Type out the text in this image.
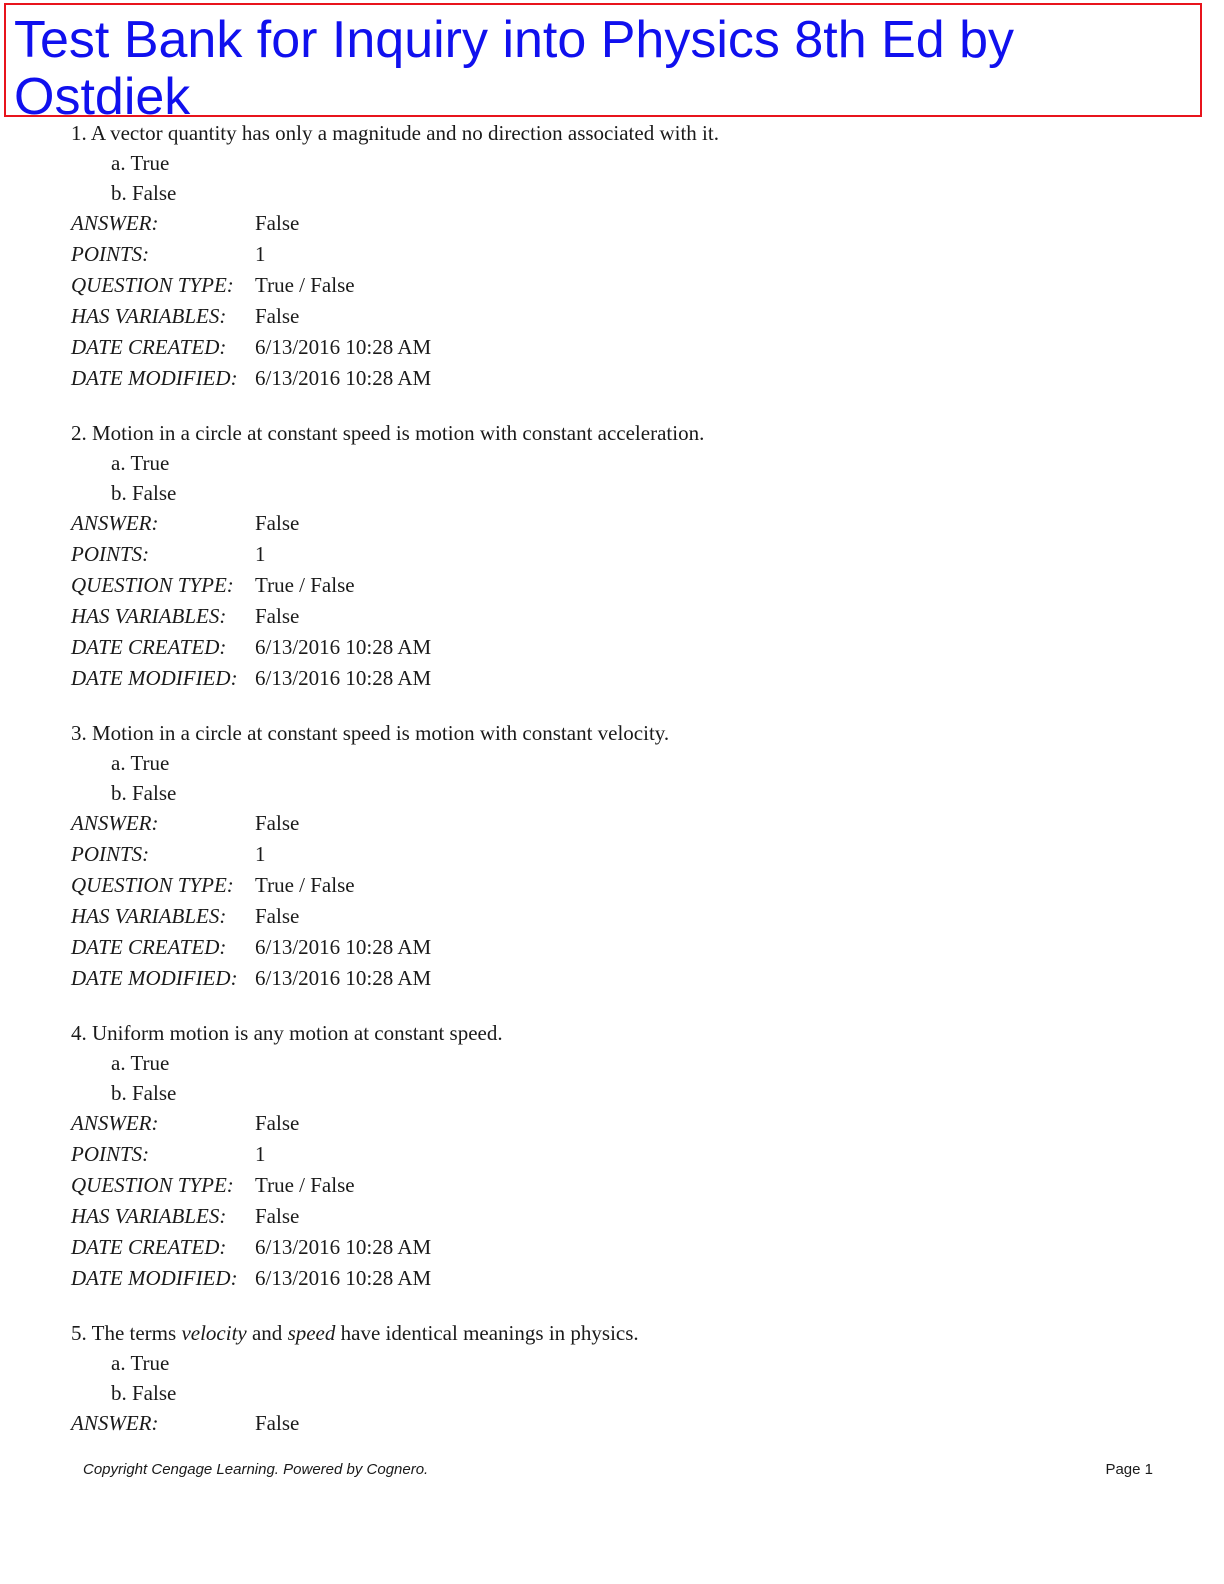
Test Bank for Inquiry into Physics 8th Ed by Ostdiek
1. A vector quantity has only a magnitude and no direction associated with it.
a. True
b. False
ANSWER:	False
POINTS:	1
QUESTION TYPE:	True / False
HAS VARIABLES:	False
DATE CREATED:	6/13/2016 10:28 AM
DATE MODIFIED: 6/13/2016 10:28 AM
2. Motion in a circle at constant speed is motion with constant acceleration.
a. True
b. False
ANSWER:	False
POINTS:	1
QUESTION TYPE:	True / False
HAS VARIABLES:	False
DATE CREATED:	6/13/2016 10:28 AM
DATE MODIFIED: 6/13/2016 10:28 AM
3. Motion in a circle at constant speed is motion with constant velocity.
a. True
b. False
ANSWER:	False
POINTS:	1
QUESTION TYPE:	True / False
HAS VARIABLES:	False
DATE CREATED:	6/13/2016 10:28 AM
DATE MODIFIED: 6/13/2016 10:28 AM
4. Uniform motion is any motion at constant speed.
a. True
b. False
ANSWER:	False
POINTS:	1
QUESTION TYPE:	True / False
HAS VARIABLES:	False
DATE CREATED:	6/13/2016 10:28 AM
DATE MODIFIED: 6/13/2016 10:28 AM
5. The terms velocity and speed have identical meanings in physics.
a. True
b. False
ANSWER:	False
Copyright Cengage Learning. Powered by Cognero.	Page 1
